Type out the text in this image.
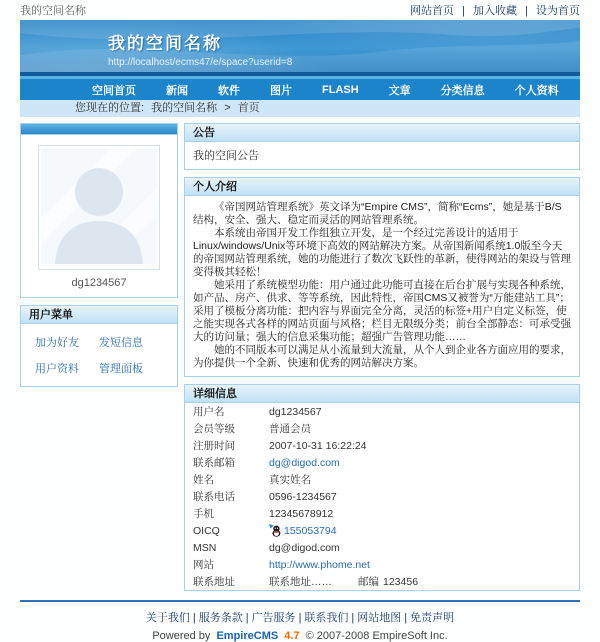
我的空间名称	网站首页 | 加入收藏 | 设为首页
我的空间名称
http://localhost/ecms47/e/space?userid=8
空间首页	新闻	软件	图片	FLASH	文章	分类信息	个人资料
您现在的位置: 我的空间名称 > 首页
dg1234567
用户菜单
加为好友	发短信息
用户资料	管理面板
公告
我的空间公告
个人介绍

《帝国网站管理系统》英文译为“Empire CMS”，简称“Ecms”，她是基于B/S结构，安全、强大、稳定而灵活的网站管理系统。

本系统由帝国开发工作组独立开发，是一个经过完善设计的适用于Linux/windows/Unix等环境下高效的网站解决方案。从帝国新闻系统1.0版至今天的帝国网站管理系统，她的功能进行了数次飞跃性的革新，使得网站的架设与管理变得极其轻松！

她采用了系统模型功能：用户通过此功能可直接在后台扩展与实现各种系统，如产品、房产、供求、等等系统，因此特性，帝国CMS又被誉为“万能建站工具”；采用了模板分离功能：把内容与界面完全分离，灵活的标签+用户自定义标签，使之能实现各式各样的网站页面与风格；栏目无限级分类；前台全部静态：可承受强大的访问量；强大的信息采集功能；超强广告管理功能……

她的不同版本可以满足从小流量到大流量，从个人到企业各方面应用的要求，为你提供一个全新、快速和优秀的网站解决方案。

详细信息
用户名	dg1234567
会员等级	普通会员
注册时间	2007-10-31 16:22:24
联系邮箱	dg@digod.com
姓名	真实姓名
联系电话	0596-1234567
手机	12345678912
OICQ	155053794
MSN	dg@digod.com
网站	http://www.phome.net
联系地址	联系地址…… 邮编 123456
关于我们 | 服务条款 | 广告服务 | 联系我们 | 网站地图 | 免责声明
Powered by EmpireCMS 4.7 © 2007-2008 EmpireSoft Inc.
